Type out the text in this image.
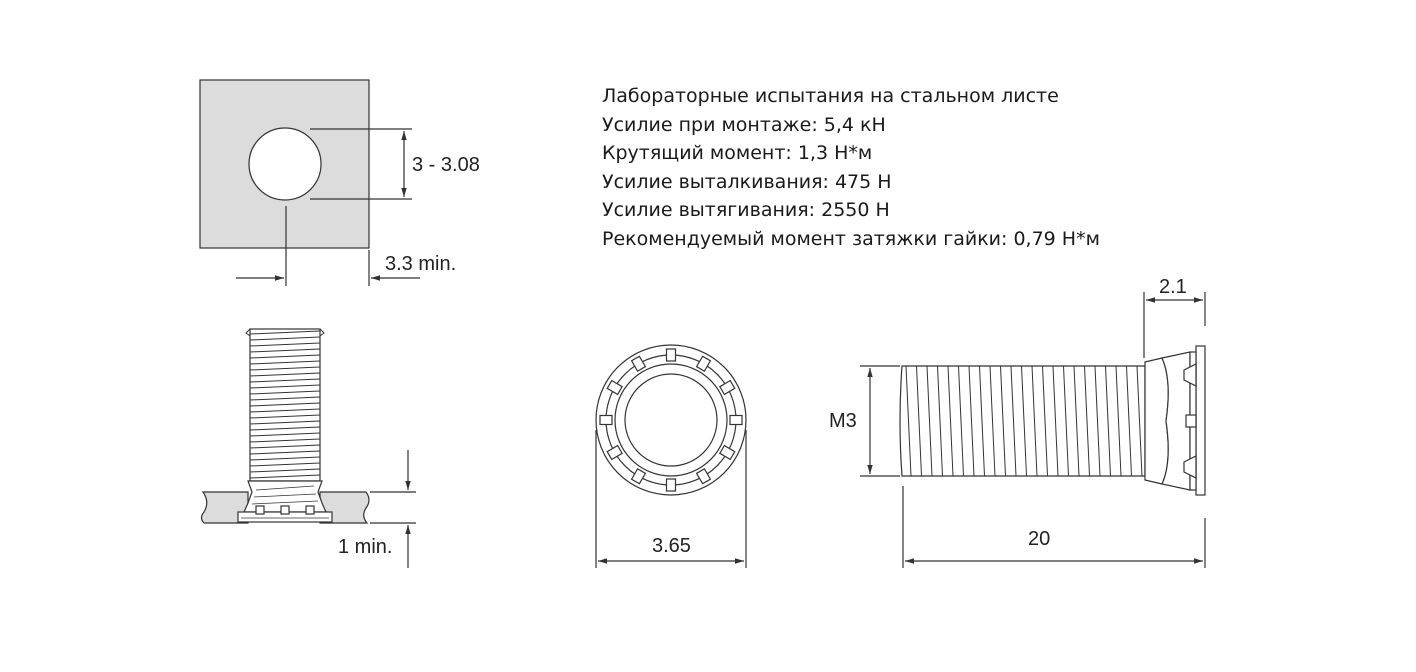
3 - 3.08
3.3 min.
1 min.	3.65
M3
20
2.1
Лабораторные испытания на стальном листе
Усилие при монтаже: 5,4 кН
Крутящий момент: 1,3 Н*м
Усилие выталкивания: 475 Н
Усилие вытягивания: 2550 Н
Рекомендуемый момент затяжки гайки: 0,79 Н*м
